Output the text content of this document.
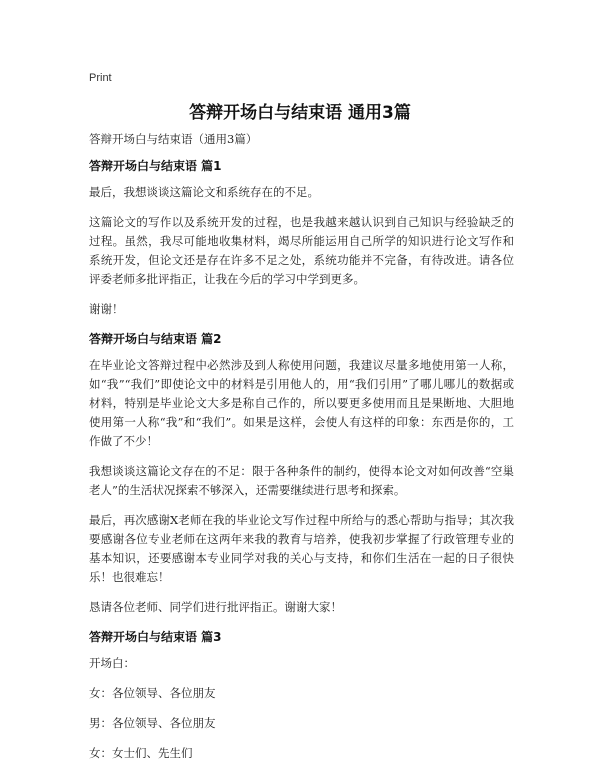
Print
答辩开场白与结束语 通用3篇

答辩开场白与结束语（通用3篇）

答辩开场白与结束语 篇1

最后，我想谈谈这篇论文和系统存在的不足。

这篇论文的写作以及系统开发的过程，也是我越来越认识到自己知识与经验缺乏的过程。虽然，我尽可能地收集材料，竭尽所能运用自己所学的知识进行论文写作和系统开发，但论文还是存在许多不足之处，系统功能并不完备，有待改进。请各位评委老师多批评指正，让我在今后的学习中学到更多。

谢谢！

答辩开场白与结束语 篇2

在毕业论文答辩过程中必然涉及到人称使用问题，我建议尽量多地使用第一人称，如“我”“我们”即使论文中的材料是引用他人的，用“我们引用”了哪儿哪儿的数据或材料，特别是毕业论文大多是称自己作的，所以要更多使用而且是果断地、大胆地使用第一人称“我”和“我们”。如果是这样，会使人有这样的印象：东西是你的，工作做了不少！

我想谈谈这篇论文存在的不足：限于各种条件的制约，使得本论文对如何改善“空巢老人”的生活状况探索不够深入，还需要继续进行思考和探索。

最后，再次感谢X老师在我的毕业论文写作过程中所给与的悉心帮助与指导；其次我要感谢各位专业老师在这两年来我的教育与培养，使我初步掌握了行政管理专业的基本知识，还要感谢本专业同学对我的关心与支持，和你们生活在一起的日子很快乐！也很难忘！

恳请各位老师、同学们进行批评指正。谢谢大家！

答辩开场白与结束语 篇3

开场白：

女：各位领导、各位朋友

男：各位领导、各位朋友

女：女士们、先生们
